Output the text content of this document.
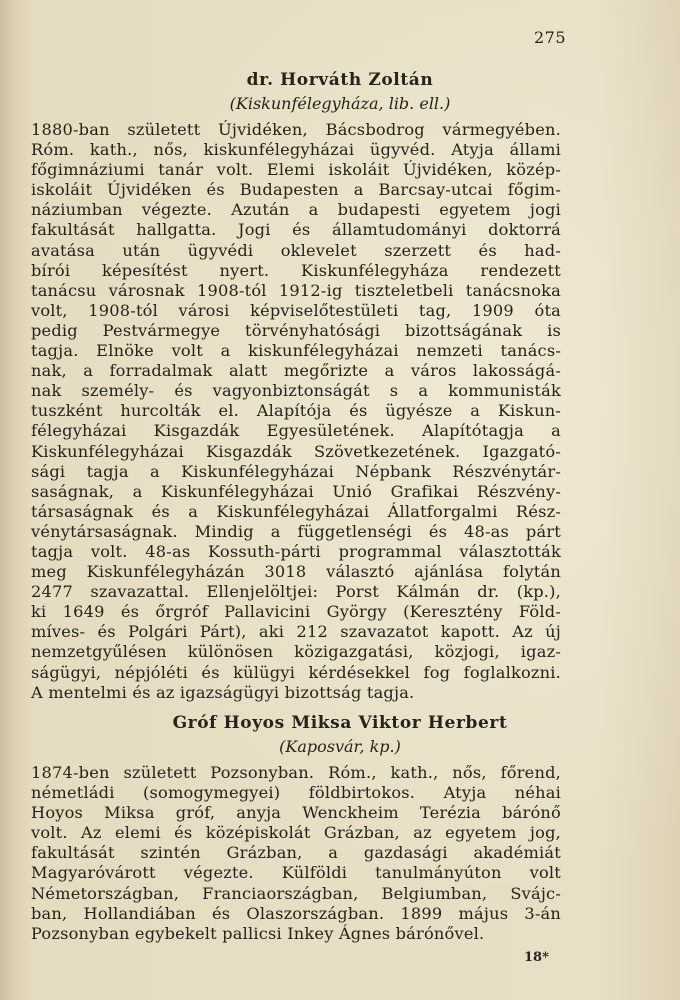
275
dr. Horváth Zoltán
(Kiskunfélegyháza, lib. ell.)
1880-ban született Újvidéken, Bácsbodrog vármegyében.
Róm. kath., nős, kiskunfélegyházai ügyvéd. Atyja állami
főgimnáziumi tanár volt. Elemi iskoláit Újvidéken, közép-
iskoláit Újvidéken és Budapesten a Barcsay-utcai főgim-
náziumban végezte. Azután a budapesti egyetem jogi
fakultását hallgatta. Jogi és államtudományi doktorrá
avatása után ügyvédi oklevelet szerzett és had-
bírói képesítést nyert. Kiskunfélegyháza rendezett
tanácsu városnak 1908-tól 1912-ig tiszteletbeli tanácsnoka
volt, 1908-tól városi képviselőtestületi tag, 1909 óta
pedig Pestvármegye törvényhatósági bizottságának is
tagja. Elnöke volt a kiskunfélegyházai nemzeti tanács-
nak, a forradalmak alatt megőrizte a város lakosságá-
nak személy- és vagyonbiztonságát s a kommunisták
tuszként hurcolták el. Alapítója és ügyésze a Kiskun-
félegyházai Kisgazdák Egyesületének. Alapítótagja a
Kiskunfélegyházai Kisgazdák Szövetkezetének. Igazgató-
sági tagja a Kiskunfélegyházai Népbank Részvénytár-
saságnak, a Kiskunfélegyházai Unió Grafikai Részvény-
társaságnak és a Kiskunfélegyházai Állatforgalmi Rész-
vénytársaságnak. Mindig a függetlenségi és 48-as párt
tagja volt. 48-as Kossuth-párti programmal választották
meg Kiskunfélegyházán 3018 választó ajánlása folytán
2477 szavazattal. Ellenjelöltjei: Porst Kálmán dr. (kp.),
ki 1649 és őrgróf Pallavicini György (Keresztény Föld-
míves- és Polgári Párt), aki 212 szavazatot kapott. Az új
nemzetgyűlésen különösen közigazgatási, közjogi, igaz-
ságügyi, népjóléti és külügyi kérdésekkel fog foglalkozni.
A mentelmi és az igazságügyi bizottság tagja.
Gróf Hoyos Miksa Viktor Herbert
(Kaposvár, kp.)
1874-ben született Pozsonyban. Róm., kath., nős, főrend,
németládi (somogymegyei) földbirtokos. Atyja néhai
Hoyos Miksa gróf, anyja Wenckheim Terézia bárónő
volt. Az elemi és középiskolát Grázban, az egyetem jog,
fakultását szintén Grázban, a gazdasági akadémiát
Magyaróvárott végezte. Külföldi tanulmányúton volt
Németországban, Franciaországban, Belgiumban, Svájc-
ban, Hollandiában és Olaszországban. 1899 május 3-án
Pozsonyban egybekelt pallicsi Inkey Ágnes bárónővel.
18*
